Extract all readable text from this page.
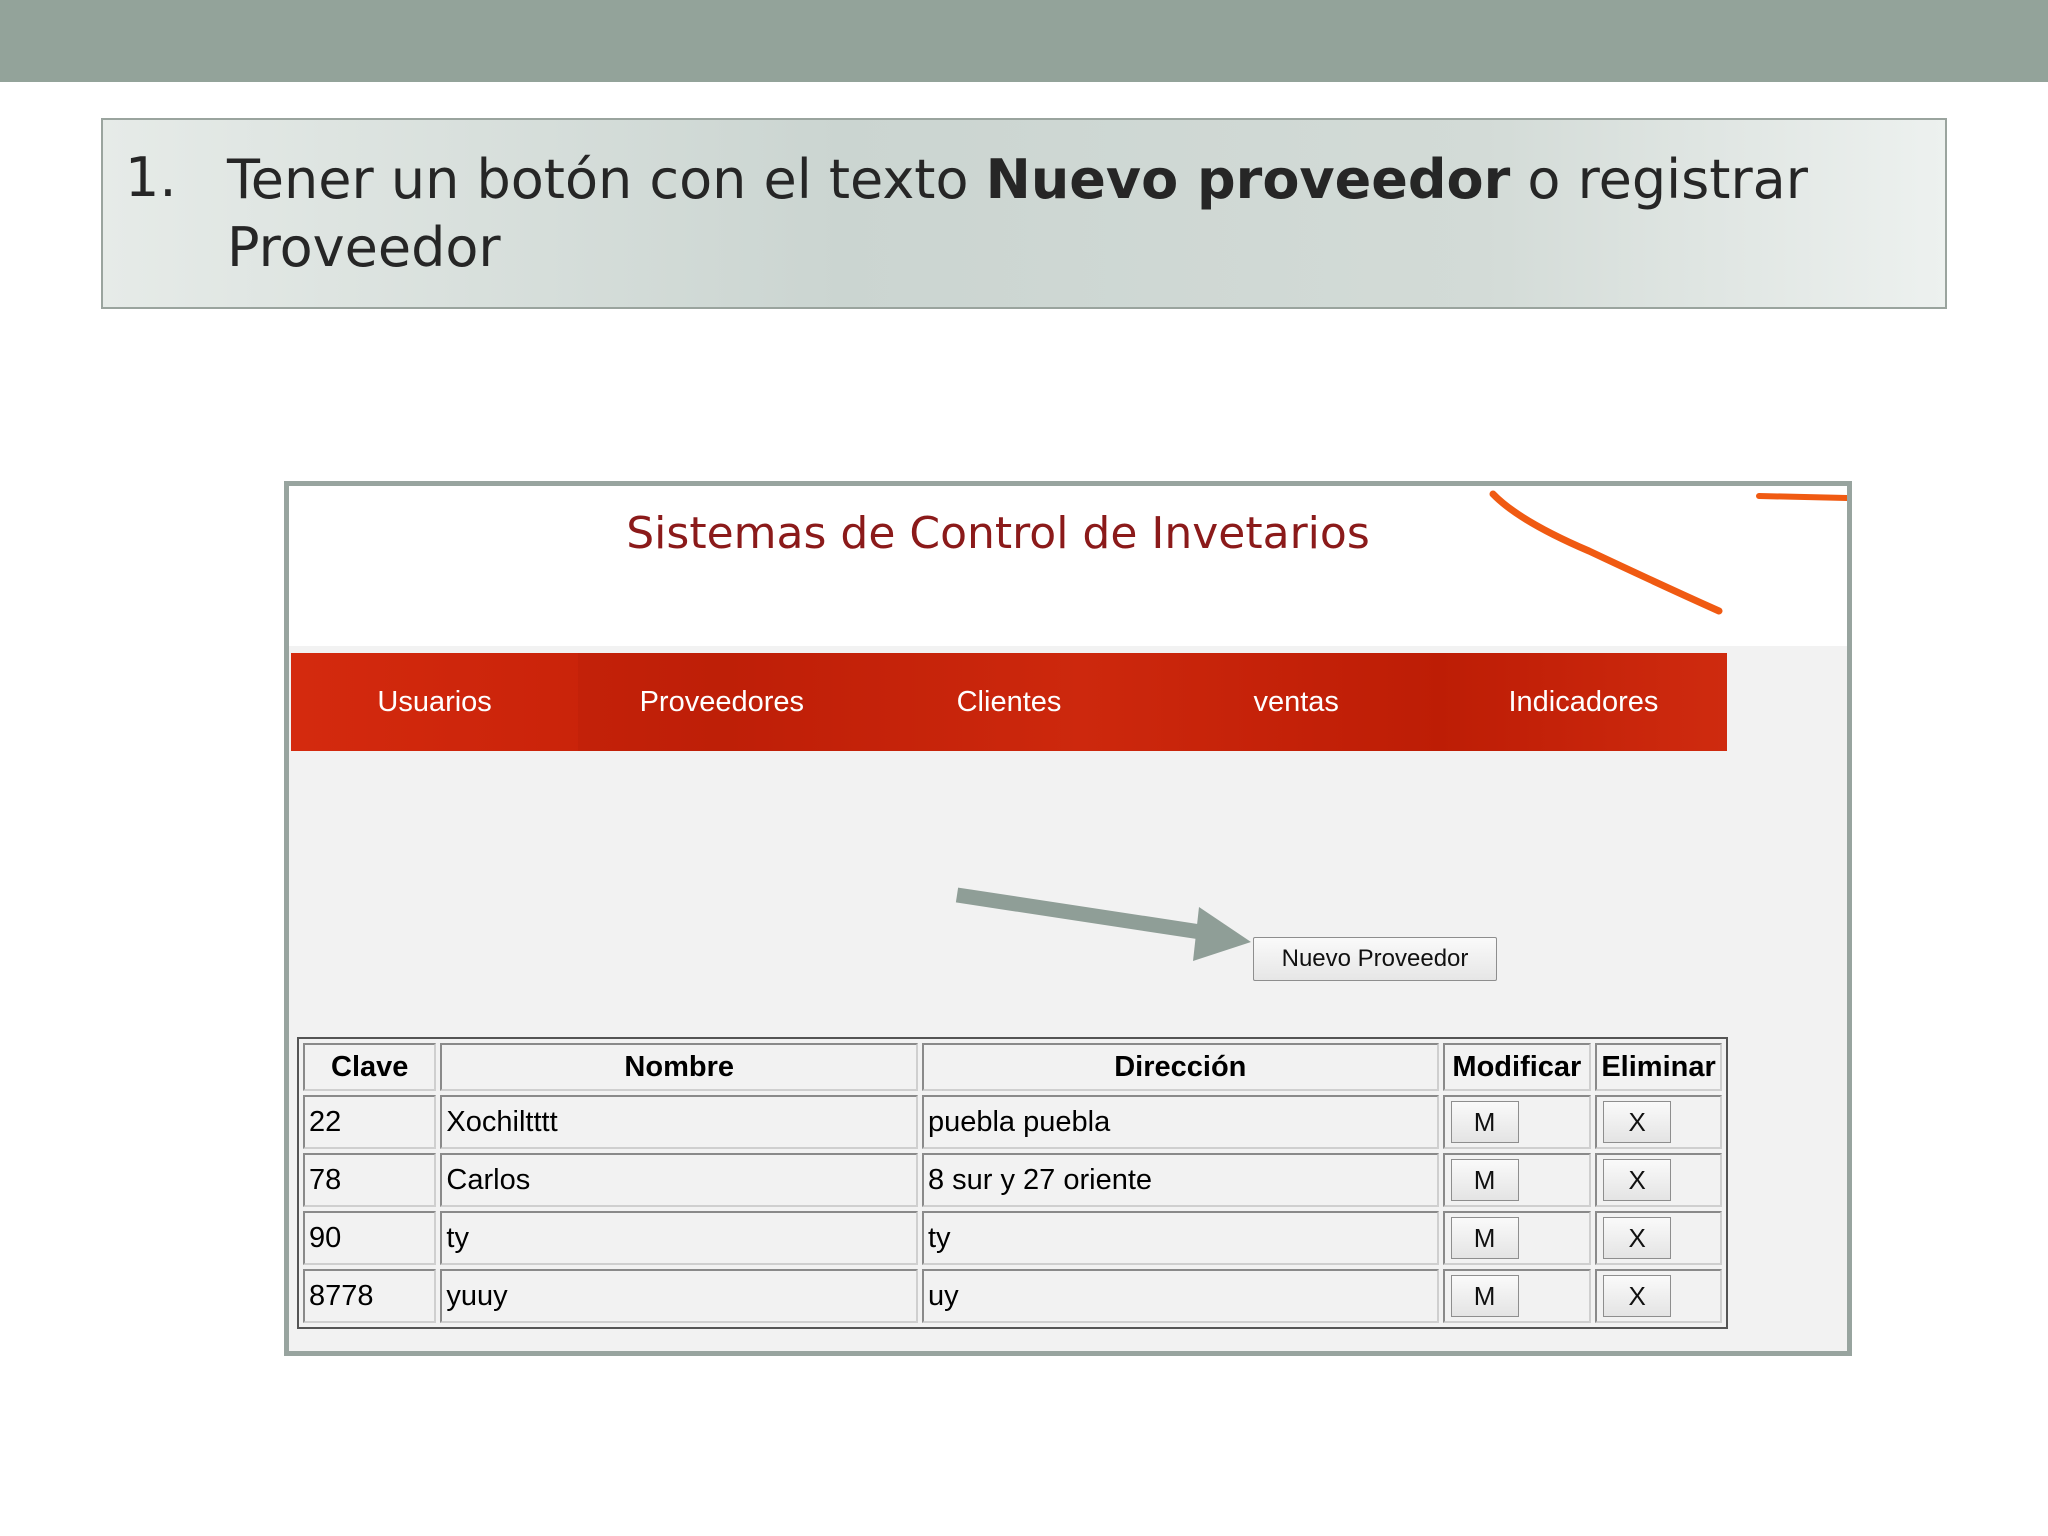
1. Tener un botón con el texto Nuevo proveedor o registrar Proveedor
Sistemas de Control de Invetarios
Usuarios	Proveedores	Clientes	ventas	Indicadores
Nuevo Proveedor
Clave	Nombre	Dirección	Modificar	Eliminar
22	Xochiltttt	puebla puebla	M	X
78	Carlos	8 sur y 27 oriente	M	X
90	ty	ty	M	X
8778	yuuy	uy	M	X
